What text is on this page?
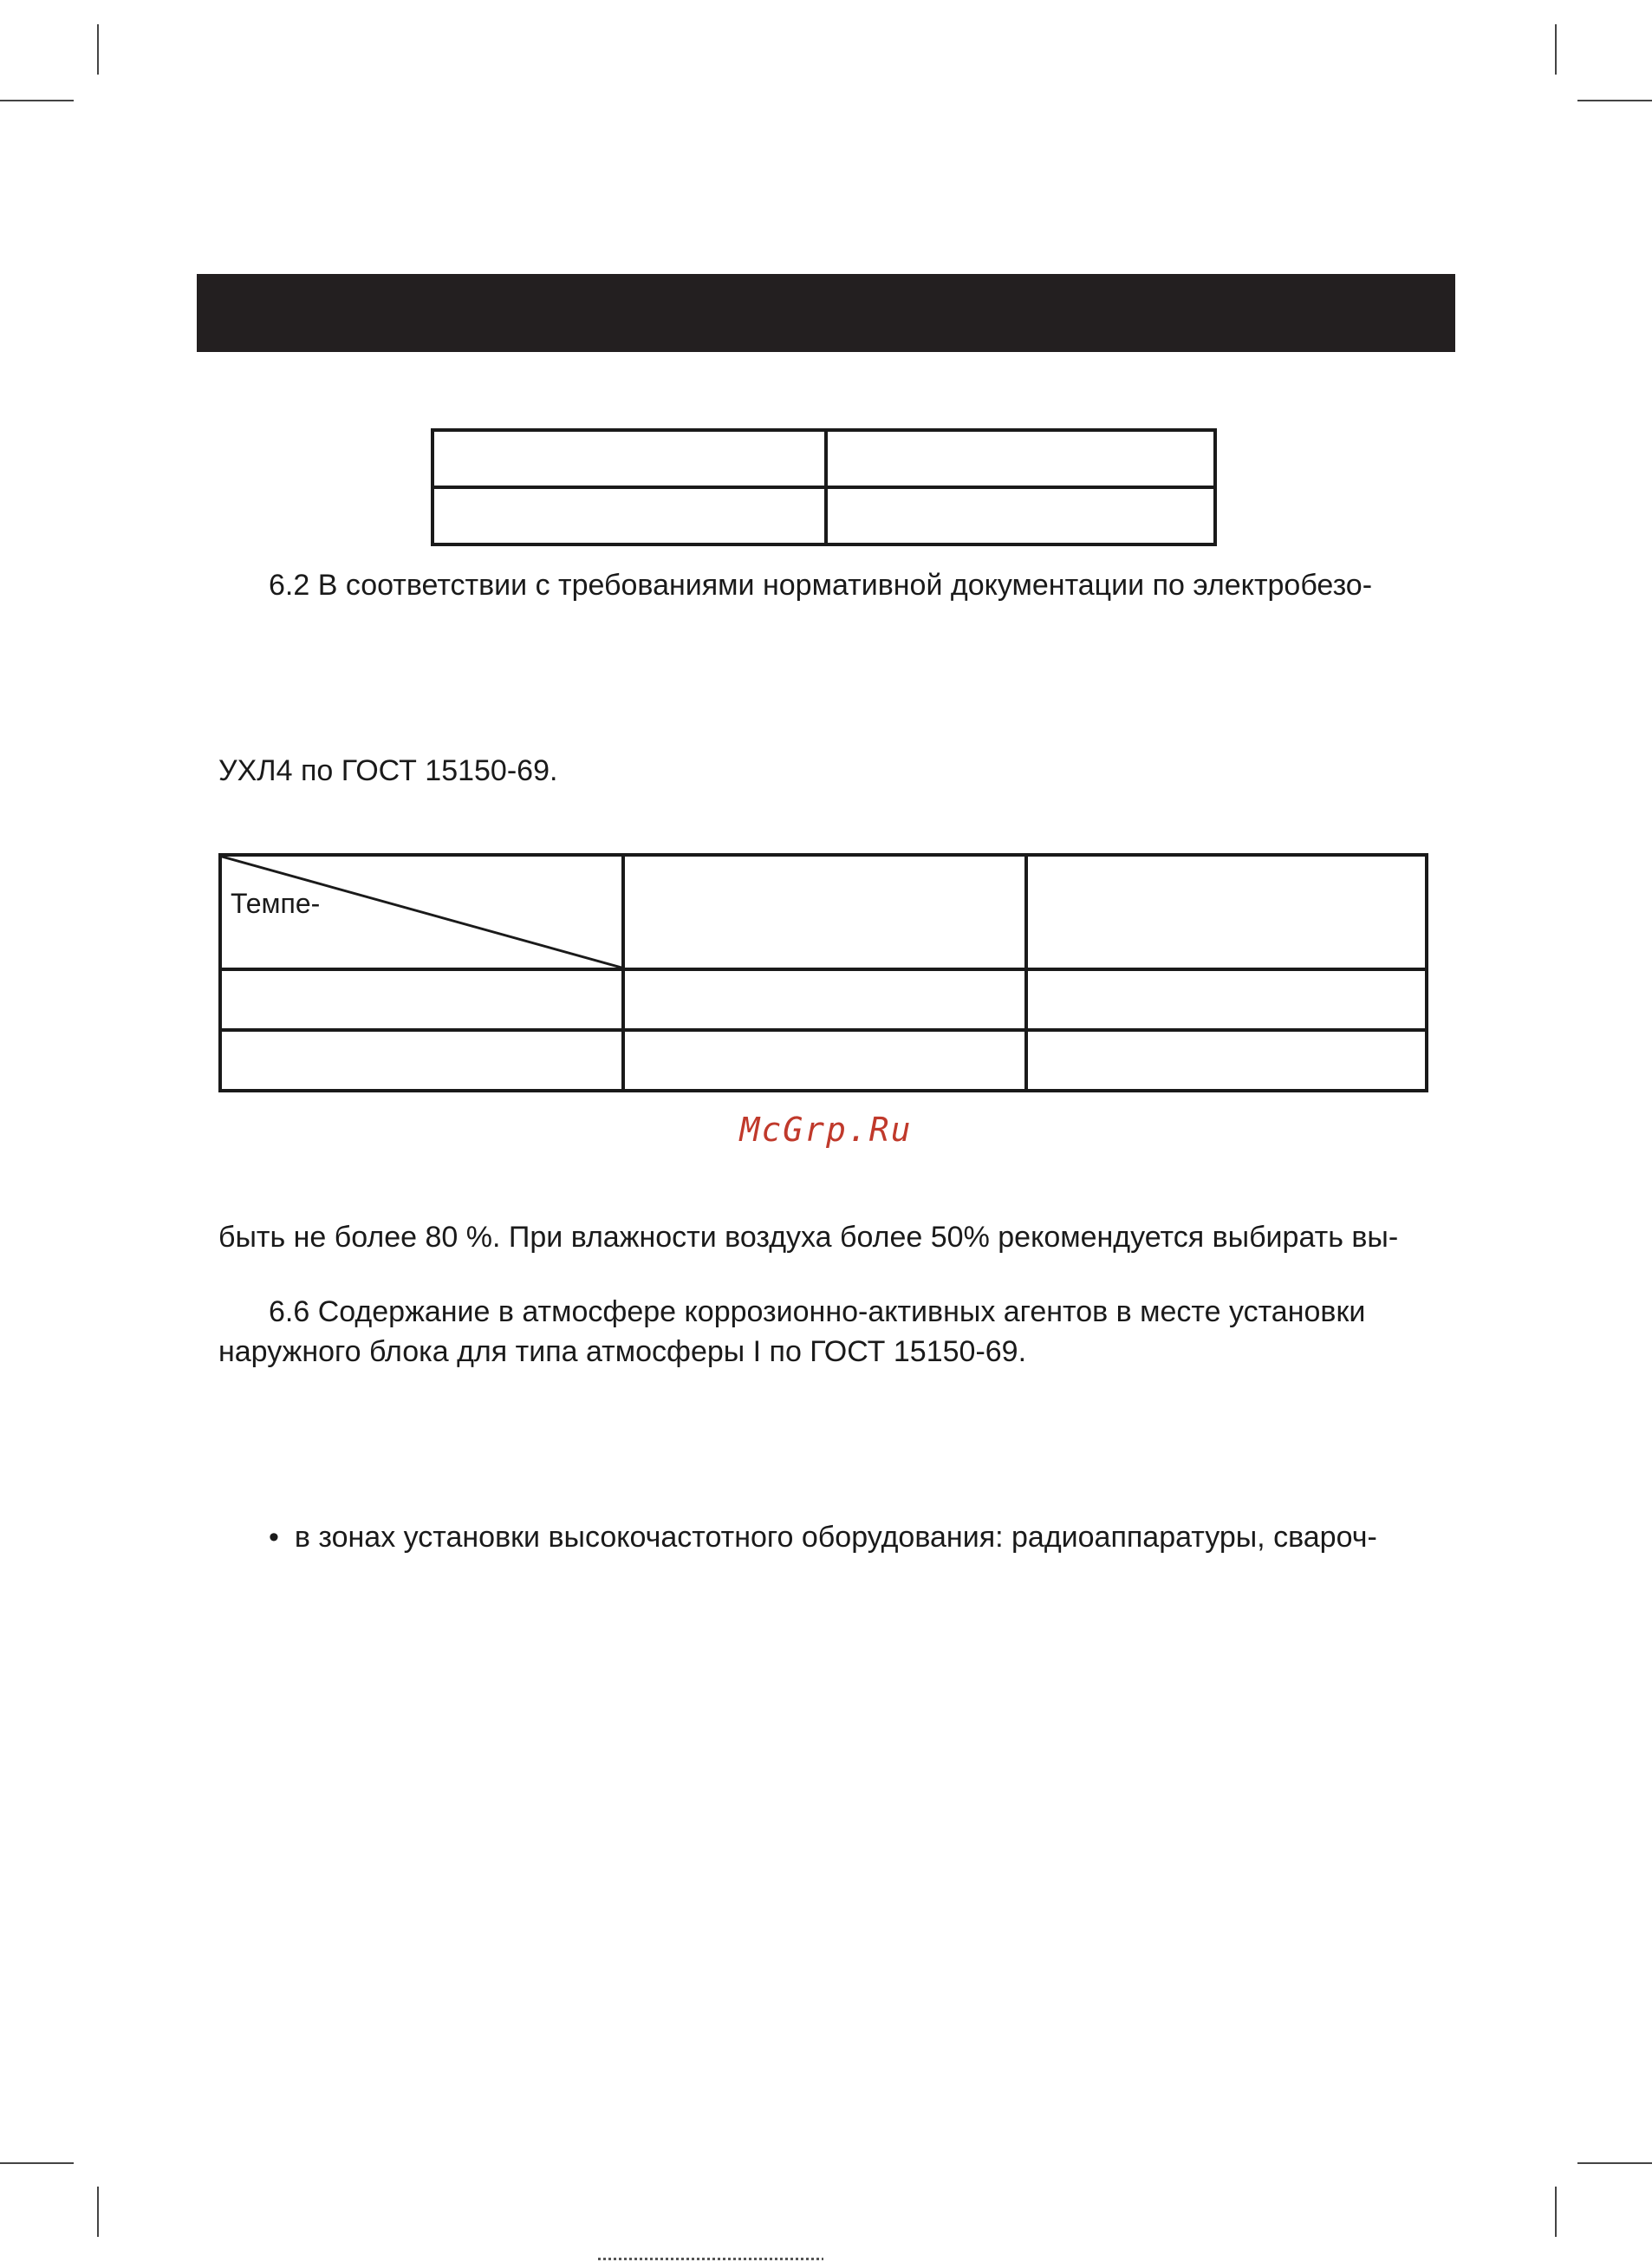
6.2 В соответствии с требованиями нормативной документации по электробезо-

УХЛ4 по ГОСТ 15150-69.

Темпе-		

McGrp.Ru

быть не более 80 %. При влажности воздуха более 50% рекомендуется выбирать вы-

6.6 Содержание в атмосфере коррозионно-активных агентов в месте установки

наружного блока для типа атмосферы I по ГОСТ 15150-69.

• в зонах установки высокочастотного оборудования: радиоаппаратуры, свароч-
